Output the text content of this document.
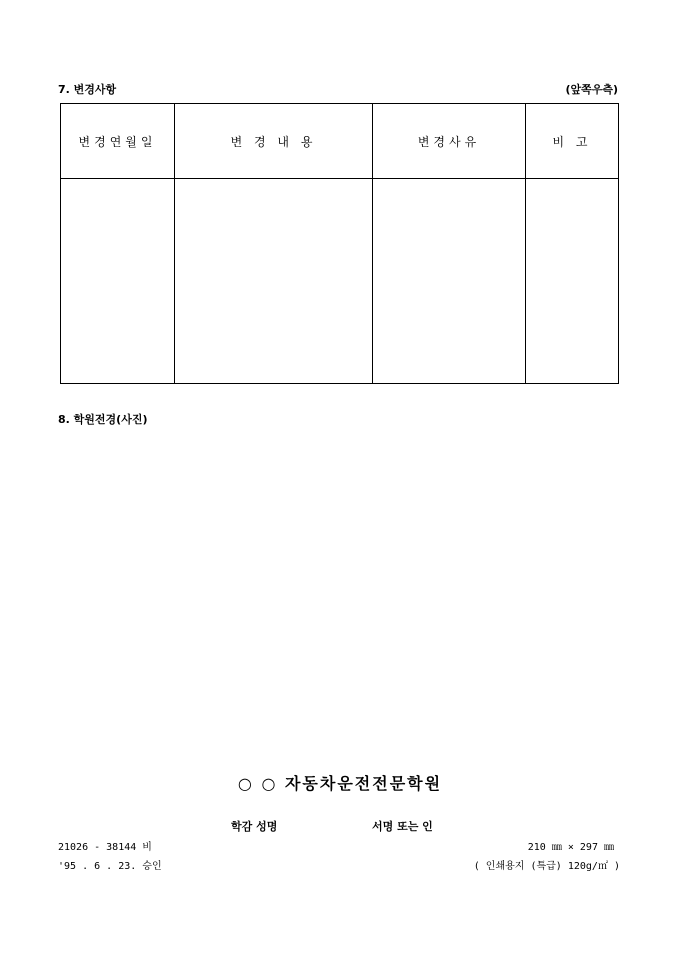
7. 변경사항	(앞쪽우측)
변경연월일	변 경 내 용	변경사유	비 고

8. 학원전경(사진)
○ ○ 자동차운전전문학원
학감 성명	서명 또는 인
21026 - 38144 비
'95 . 6 . 23. 승인
210 ㎜ × 297 ㎜
( 인쇄용지 (특급) 120g/㎡ )
